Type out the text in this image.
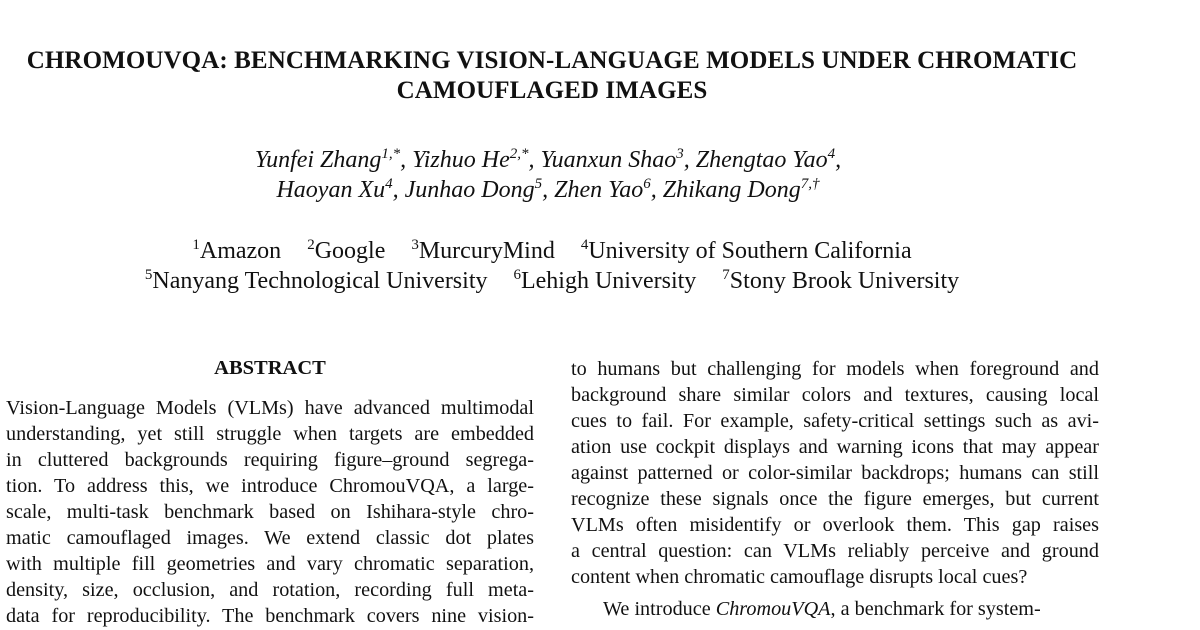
CHROMOUVQA: BENCHMARKING VISION-LANGUAGE MODELS UNDER CHROMATIC
CAMOUFLAGED IMAGES
Yunfei Zhang$^{1,*}$, Yizhuo $He^{2,*}$, Yuanxun Shao$^3$, Zhengtao Yao$^4$,
Haoyan Xu$^4$, Junhao Dong$^5$, Zhen Yao$^6$, Zhikang Dong$^{7,\dagger}$
$^1$Amazon $^2$Google $^3$MurcuryMind $^4$University of Southern California
$^5$Nanyang Technological University $^6$Lehigh University $^7$Stony Brook University
ABSTRACT
Vision-Language Models (VLMs) have advanced multimodal
understanding, yet still struggle when targets are embedded
in cluttered backgrounds requiring figure–ground segrega-
tion. To address this, we introduce ChromouVQA, a large-
scale, multi-task benchmark based on Ishihara-style chro-
matic camouflaged images. We extend classic dot plates
with multiple fill geometries and vary chromatic separation,
density, size, occlusion, and rotation, recording full meta-
data for reproducibility. The benchmark covers nine vision-
to humans but challenging for models when foreground and
background share similar colors and textures, causing local
cues to fail. For example, safety-critical settings such as avi-
ation use cockpit displays and warning icons that may appear
against patterned or color-similar backdrops; humans can still
recognize these signals once the figure emerges, but current
VLMs often misidentify or overlook them. This gap raises
a central question: can VLMs reliably perceive and ground
content when chromatic camouflage disrupts local cues?
We introduce ChromouVQA, a benchmark for system-
